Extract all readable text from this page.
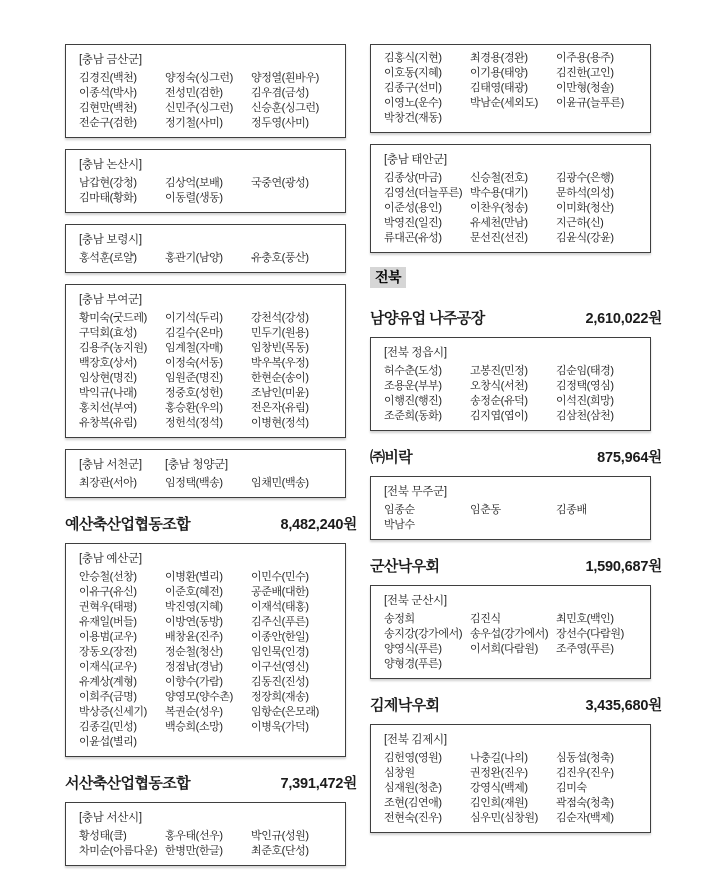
[충남 금산군]
김경진(백천)	양정숙(싱그런)	양정열(흰바우)
이종석(박사)	전성민(검한)	김우겸(금성)
김현만(백천)	신민주(싱그런)	신승훈(싱그런)
전순구(검한)	정기철(사미)	정두영(사미)
[충남 논산시]
남갑현(강청)	김상억(보배)	국중연(광성)
김마태(황화)	이동렬(생동)
[충남 보령시]
홍석훈(로얄)	홍관기(남양)	유충호(풍산)
[충남 부여군]
황미숙(굿드레)	이기석(두리)	강천석(강성)
구덕회(효성)	김길수(온마)	민두기(원용)
김용주(농지원)	임계철(자매)	임창빈(목동)
백장호(상서)	이정숙(서동)	박우복(우정)
임상현(명진)	임원준(명진)	한현순(송이)
박익규(나래)	정중호(성헌)	조남인(미윤)
홍치선(부여)	홍승환(우의)	전은자(유림)
유창복(유림)	정헌석(정석)	이병현(정석)
[충남 서천군]	[충남 청양군]
최장관(서아)	임정택(백송)	임채민(백송)
예산축산업협동조합	8,482,240원
[충남 예산군]
안승철(선창)	이병환(별리)	이민수(민수)
이유구(유신)	이준호(혜전)	공준배(대한)
권혁우(태평)	박진영(지혜)	이재석(태홍)
유재일(버들)	이방연(동방)	김주신(푸른)
이용범(교우)	배창윤(진주)	이종안(한일)
장동오(장전)	정순철(청산)	임인묵(인경)
이재식(교우)	정점남(경남)	이구선(영신)
유계상(계형)	이향수(가람)	김동진(진성)
이희주(금명)	양영모(양수촌)	정장희(재송)
박상증(신세기)	복권순(성우)	임항순(은모래)
김종길(민성)	백승희(소망)	이병욱(가덕)
이윤섭(별리)
서산축산업협동조합	7,391,472원
[충남 서산시]
황성태(클)	홍우태(선우)	박인규(성원)
차미순(아름다운) 한병만(한글)	최준호(단성)
김홍식(지현)	최경용(경완)	이주용(용주)
이호동(지혜)	이기용(태양)	김진한(고인)
김종구(선미)	김태영(태광)	이만형(청솔)
이영노(운수)	박남순(세외도)	이윤규(늘푸른)
박창건(재동)
[충남 태안군]
김종상(마금)	신승철(전호)	김광수(은행)
김영선(더늘푸른) 박수용(대기)	문하석(의성)
이준성(용인)	이찬우(청송)	이미화(청산)
박영진(일진)	유세천(만남)	지근하(신)
류대곤(유성)	문선진(선진)	김윤식(강윤)
전북
남양유업 나주공장	2,610,022원
[전북 정읍시]
허수춘(도성)	고봉진(민정)	김순임(태경)
조용운(부부)	오창식(서천)	김정택(영심)
이행진(행진)	송정순(유덕)	이석진(희망)
조준희(동화)	김지엽(엽이)	김삼천(삼천)
㈜비락	875,964원
[전북 무주군]
임종순	임춘동	김종배
박남수
군산낙우회	1,590,687원
[전북 군산시]
송정희	김진식	최민호(백인)
송지강(강가에서) 송우섭(강가에서) 장선수(다람원)
양영식(푸른)	이서희(다람원)	조주영(푸른)
양형경(푸른)
김제낙우회	3,435,680원
[전북 김제시]
김헌영(영원)	나충길(나의)	심동섭(청축)
심창원	권정완(진우)	김진우(진우)
심재원(청춘)	강영식(백제)	김미숙
조현(김연애)	김인희(재원)	곽점숙(청축)
전현숙(진우)	심우민(심창원)	김순자(백제)
